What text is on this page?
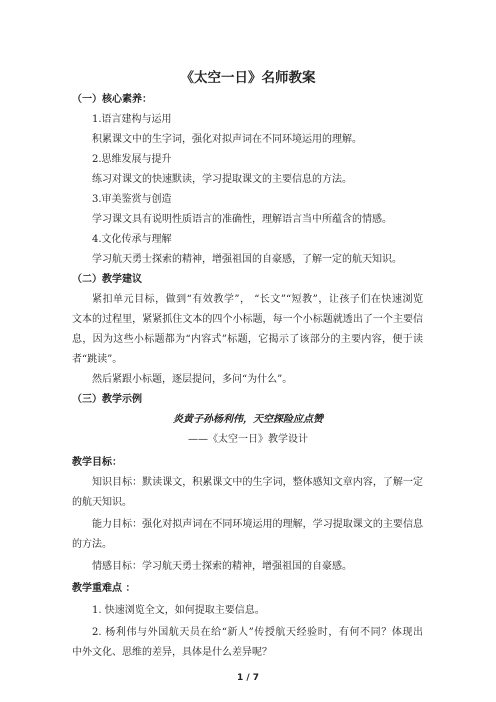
《太空一日》名师教案
（一）核心素养：
1.语言建构与运用
积累课文中的生字词，强化对拟声词在不同环境运用的理解。
2.思维发展与提升
练习对课文的快速默读，学习提取课文的主要信息的方法。
3.审美鉴赏与创造
学习课文具有说明性质语言的准确性，理解语言当中所蕴含的情感。
4.文化传承与理解
学习航天勇士探索的精神，增强祖国的自豪感，了解一定的航天知识。
（二）教学建议
紧扣单元目标，做到“有效教学”， “长文”“短教”，让孩子们在快速浏览
文本的过程里，紧紧抓住文本的四个小标题，每一个小标题就透出了一个主要信
息，因为这些小标题都为“内容式”标题，它揭示了该部分的主要内容，便于读
者“跳读”。
然后紧跟小标题，逐层提问，多问“为什么”。
（三）教学示例
炎黄子孙杨利伟，天空探险应点赞
——《太空一日》教学设计
教学目标：
知识目标：默读课文，积累课文中的生字词，整体感知文章内容，了解一定
的航天知识。
能力目标：强化对拟声词在不同环境运用的理解，学习提取课文的主要信息
的方法。
情感目标：学习航天勇士探索的精神，增强祖国的自豪感。
教学重难点 ：
1. 快速浏览全文，如何提取主要信息。
2. 杨利伟与外国航天员在给“新人”传授航天经验时，有何不同？体现出
中外文化、思维的差异，具体是什么差异呢？
1 / 7
